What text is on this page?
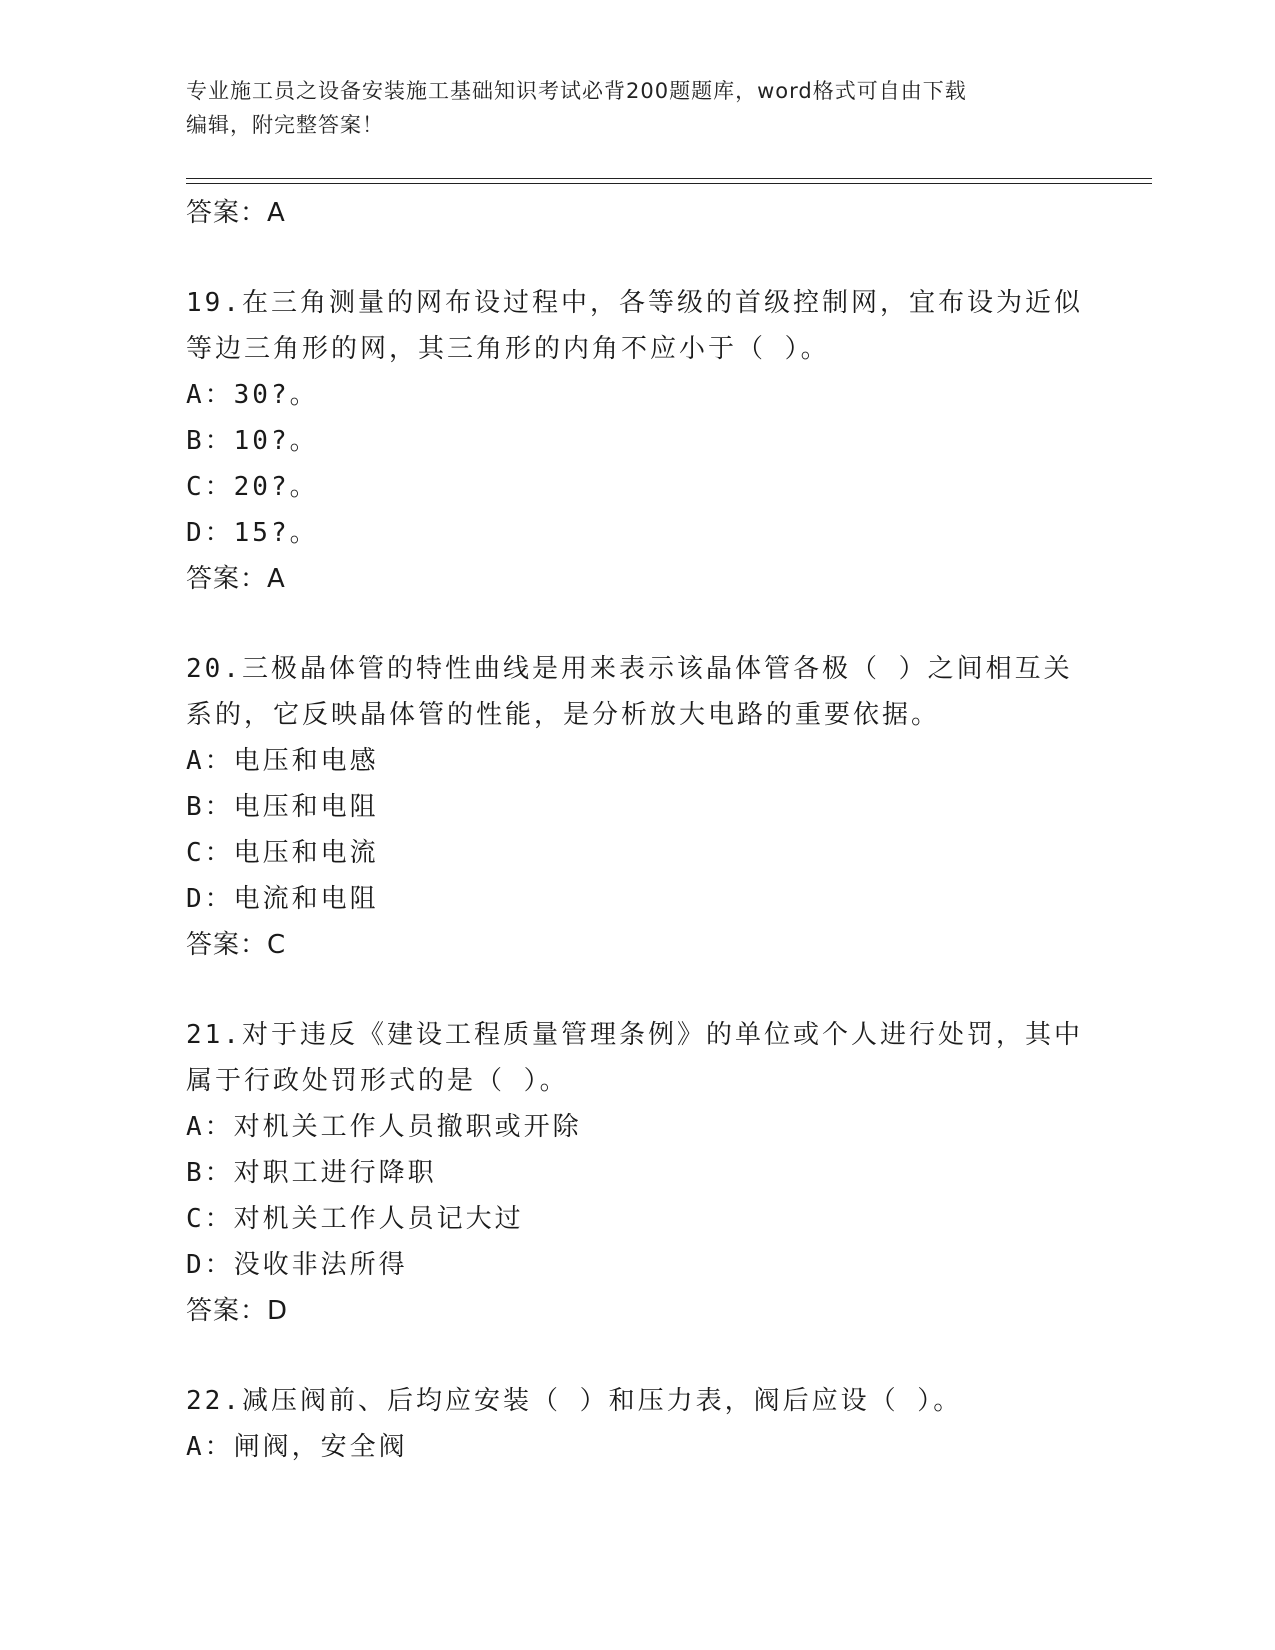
专业施工员之设备安装施工基础知识考试必背200题题库，word格式可自由下载
编辑，附完整答案！
答案：A
19.在三角测量的网布设过程中，各等级的首级控制网，宜布设为近似
等边三角形的网，其三角形的内角不应小于（ ）。
A：30?。
B：10?。
C：20?。
D：15?。
答案：A
20.三极晶体管的特性曲线是用来表示该晶体管各极（ ）之间相互关
系的，它反映晶体管的性能，是分析放大电路的重要依据。
A：电压和电感
B：电压和电阻
C：电压和电流
D：电流和电阻
答案：C
21.对于违反《建设工程质量管理条例》的单位或个人进行处罚，其中
属于行政处罚形式的是（ ）。
A：对机关工作人员撤职或开除
B：对职工进行降职
C：对机关工作人员记大过
D：没收非法所得
答案：D
22.减压阀前、后均应安装（ ）和压力表，阀后应设（ ）。
A：闸阀，安全阀
